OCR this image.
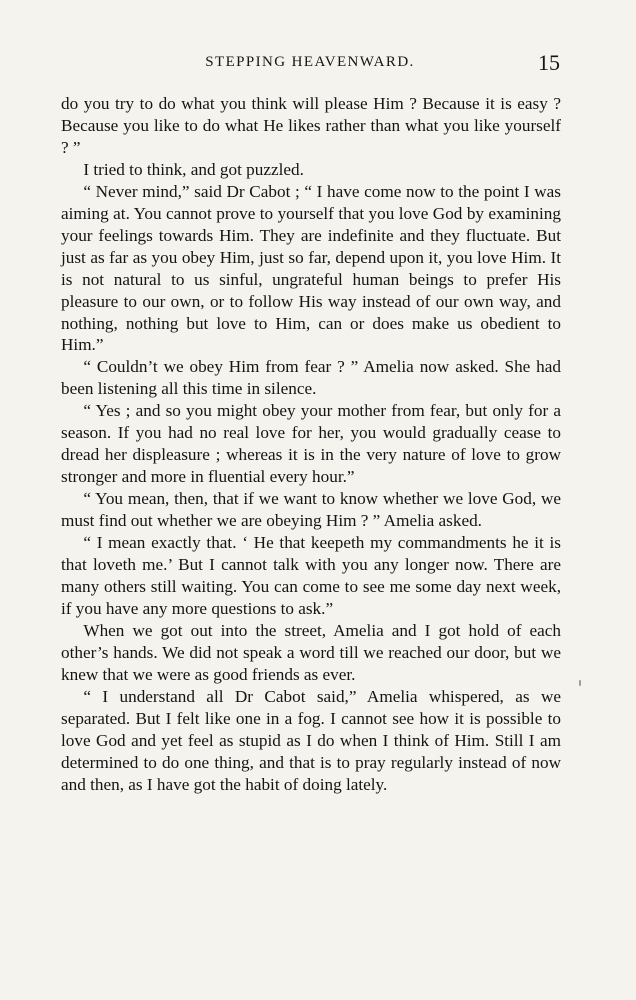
STEPPING HEAVENWARD.	15

do you try to do what you think will please Him ? Because it is easy ? Because you like to do what He likes rather than what you like yourself ? ”

I tried to think, and got puzzled.

“ Never mind,” said Dr Cabot ; “ I have come now to the point I was aiming at. You cannot prove to yourself that you love God by examining your feelings towards Him. They are indefinite and they fluctuate. But just as far as you obey Him, just so far, depend upon it, you love Him. It is not natural to us sinful, ungrateful human beings to prefer His pleasure to our own, or to follow His way instead of our own way, and nothing, nothing but love to Him, can or does make us obedient to Him.”

“ Couldn’t we obey Him from fear ? ” Amelia now asked. She had been listening all this time in silence.

“ Yes ; and so you might obey your mother from fear, but only for a season. If you had no real love for her, you would gradually cease to dread her displeasure ; whereas it is in the very nature of love to grow stronger and more in fluential every hour.”

“ You mean, then, that if we want to know whether we love God, we must find out whether we are obeying Him ? ” Amelia asked.

“ I mean exactly that. ‘ He that keepeth my commandments he it is that loveth me.’ But I cannot talk with you any longer now. There are many others still waiting. You can come to see me some day next week, if you have any more questions to ask.”

When we got out into the street, Amelia and I got hold of each other’s hands. We did not speak a word till we reached our door, but we knew that we were as good friends as ever.

“ I understand all Dr Cabot said,” Amelia whispered, as we separated. But I felt like one in a fog. I cannot see how it is possible to love God and yet feel as stupid as I do when I think of Him. Still I am determined to do one thing, and that is to pray regularly instead of now and then, as I have got the habit of doing lately.
